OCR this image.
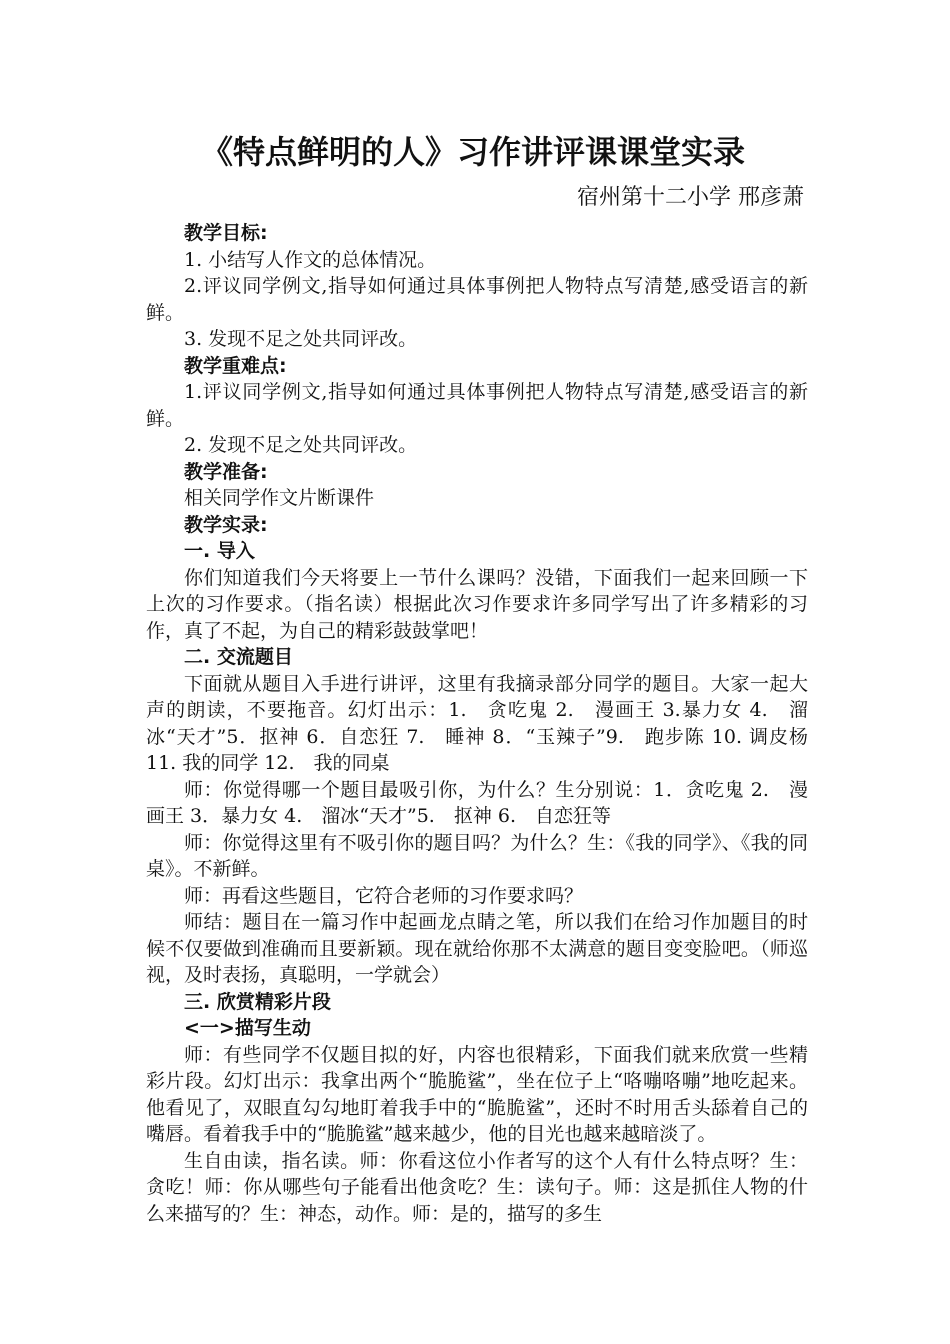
《特点鲜明的人》习作讲评课课堂实录
宿州第十二小学 邢彦萧
教学目标:
1. 小结写人作文的总体情况。
2.评议同学例文,指导如何通过具体事例把人物特点写清楚,感受语言的新鲜。
3. 发现不足之处共同评改。
教学重难点:
1.评议同学例文,指导如何通过具体事例把人物特点写清楚,感受语言的新鲜。
2. 发现不足之处共同评改。
教学准备:
相关同学作文片断课件
教学实录:
一. 导入
你们知道我们今天将要上一节什么课吗？没错，下面我们一起来回顾一下上次的习作要求。（指名读）根据此次习作要求许多同学写出了许多精彩的习作，真了不起，为自己的精彩鼓鼓掌吧！
二. 交流题目
下面就从题目入手进行讲评，这里有我摘录部分同学的题目。大家一起大声的朗读，不要拖音。幻灯出示：1.　贪吃鬼 2.　漫画王 3.暴力女 4.　溜冰“天才”5．抠神 6．自恋狂 7.　睡神 8．“玉辣子”9.　跑步陈 10. 调皮杨 11. 我的同学 12.　我的同桌
师：你觉得哪一个题目最吸引你，为什么？生分别说：1．贪吃鬼 2.　漫画王 3．暴力女 4.　溜冰“天才”5.　抠神 6.　自恋狂等
师：你觉得这里有不吸引你的题目吗？为什么？生：《我的同学》、《我的同桌》。不新鲜。
师：再看这些题目，它符合老师的习作要求吗？
师结：题目在一篇习作中起画龙点睛之笔，所以我们在给习作加题目的时候不仅要做到准确而且要新颖。现在就给你那不太满意的题目变变脸吧。（师巡视，及时表扬，真聪明，一学就会）
三. 欣赏精彩片段
<一>描写生动
师：有些同学不仅题目拟的好，内容也很精彩，下面我们就来欣赏一些精彩片段。幻灯出示：我拿出两个“脆脆鲨”，坐在位子上“咯嘣咯嘣”地吃起来。他看见了，双眼直勾勾地盯着我手中的“脆脆鲨”，还时不时用舌头舔着自己的嘴唇。看着我手中的“脆脆鲨”越来越少，他的目光也越来越暗淡了。
生自由读，指名读。师：你看这位小作者写的这个人有什么特点呀？生：贪吃！师：你从哪些句子能看出他贪吃？生：读句子。师：这是抓住人物的什么来描写的？生：神态，动作。师：是的，描写的多生
